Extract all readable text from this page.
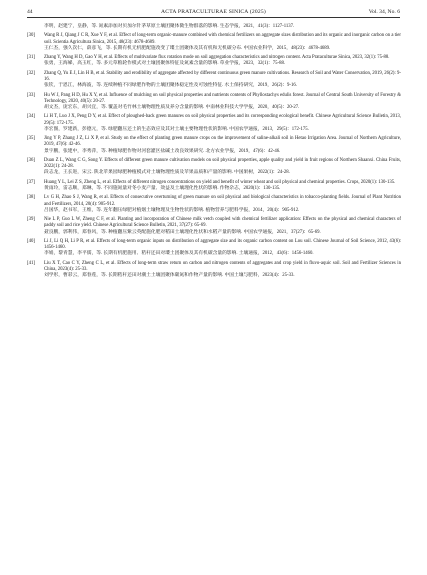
44	ACTA PRATACULTURAE SINICA (2025)	Vol. 34, No. 6
李明，赵建宁，皇静，等. 氮素添加对贝加尔针茅草原土壤团聚体微生物群落的影响. 生态学报，2021，41(3)：1127-1137.
[30] Wang R J, Qiang J C R, Xue Y F, et al. Effect of long-term organic-manure combined with chemical fertilizers on aggregate sizes distribution and its organic and inorganic carbon on a tier soil. Scientia Agricultura Sinica, 2015, 48(23): 4678-4689.
王仁杰，强久次仁，薛彦飞，等. 长期有机无机肥配施改变了塿土团聚体及其有机和无机碳分布. 中国农业科学，2015，48(23)：4678-4689.
[31] Zhang Y, Wang H D, Gao Y H, et al. Effects of multivariate flux rotation mode on soil aggregation characteristics and nitrogen content. Acta Prataculturae Sinica, 2023, 32(1): 75-88.
张勇，王海娣，高玉红，等. 多元草粮轮作模式对土壤团聚体特征及氮素含量的影响. 草业学报，2023，32(1)：75-88.
[32] Zhang Q, Yu E J, Lin H B, et al. Stability and erodibility of aggregate affected by different continuous green manure cultivations. Research of Soil and Water Conservation, 2019, 26(2): 9-16.
张钦，于恩江，林海波，等. 连续种植不同绿肥作物的土壤团聚体稳定性及可蚀性特征. 水土保持研究，2019，26(2)：9-16.
[33] Hu W J, Pang H D, Hu X Y, et al. Influence of mulching on soil physical properties and nutrients contents of Phyllostachys edulis forest. Journal of Central South University of Forestry & Technology, 2020, 40(5): 20-27.
胡文杰，庞宏东，胡兴宜，等. 覆盖对毛竹林土壤物理性质及养分含量的影响. 中南林业科技大学学报，2020，40(5)：20-27.
[34] Li H T, Luo J X, Peng D Y, et al. Effect of ploughed-back green manures on soil physical properties and its corresponding ecological benefit. Chinese Agricultural Science Bulletin, 2013, 29(5): 172-175.
李宏图，罗建新，彭德元，等. 绿肥翻压还土的生态效应及其对土壤主要物理性状的影响. 中国农学通报，2013，29(5)：172-175.
[35] Jing Y P, Zhang J Z, Li X P, et al. Study on the effect of planting green manure crops on the improvement of saline-alkali soil in Hetao Irrigation Area. Journal of Northern Agriculture, 2019, 47(6): 42-46.
景宇鹏，张建中，李秀萍，等. 种植绿肥作物对河套灌区盐碱土改良效果研究. 北方农业学报，2019，47(6)：42-46.
[36] Duan Z L, Wang C G, Song Y. Effects of different green manure cultivation models on soil physical properties, apple quality and yield in fruit regions of Northern Shaanxi. China Fruits, 2022(1): 24-28.
段志龙，王长进，宋云. 陕北苹果园绿肥种植模式对土壤物理性质及苹果品质和产量的影响. 中国果树，2022(1)：24-28.
[37] Huang Y L, Lei Z S, Zheng L, et al. Effects of different nitrogen concentrations on yield and benefit of winter wheat and soil physical and chemical properties. Crops, 2020(1): 130-135.
黄雨玲，雷志顺，郑琳，等. 不同施氮量对冬小麦产量、效益及土壤理化性状的影响. 作物杂志，2020(1)：130-135.
[38] Lv G H, Zhao S J, Wang R, et al. Effects of consecutive overturning of green manure on soil physical and biological characteristics in tobacco-planting fields. Journal of Plant Nutrition and Fertilizers, 2014, 20(4): 905-912.
吕国华，赵书军，王维，等. 连年翻压绿肥对植烟土壤物理及生物性状的影响. 植物营养与肥料学报，2014，20(4)：905-912.
[39] Nie L P, Guo L W, Zheng C F, et al. Planting and incorporation of Chinese milk vetch coupled with chemical fertilizer application: Effects on the physical and chemical characters of paddy soil and rice yield. Chinese Agricultural Science Bulletin, 2021, 37(27): 65-69.
聂良鹏，郭利伟，郑春风，等. 种植翻压紫云英配施化肥对稻田土壤理化性状和水稻产量的影响. 中国农学通报，2021，37(27)：65-69.
[40] Li J, Li Q H, Li P R, et al. Effects of long-term organic inputs on distribution of aggregate size and its organic carbon content on Lou soil. Chinese Journal of Soil Science, 2012, 43(6): 1456-1460.
李娟，黎青慧，李平儒，等. 长期有机肥施用、秸秆还田对塿土团聚体及其有机碳含量的影响. 土壤通报，2012，43(6)：1456-1460.
[41] Liu X T, Cao C Y, Zheng C L, et al. Effects of long-term straw return on carbon and nitrogen contents of aggregates and crop yield in fluvo-aquic soil. Soil and Fertilizer Sciences in China, 2023(4): 25-33.
刘学彤，曹彩云，郑春莲，等. 长期秸秆还田对潮土土壤团聚体碳氮和作物产量的影响. 中国土壤与肥料，2023(4)：25-33.
